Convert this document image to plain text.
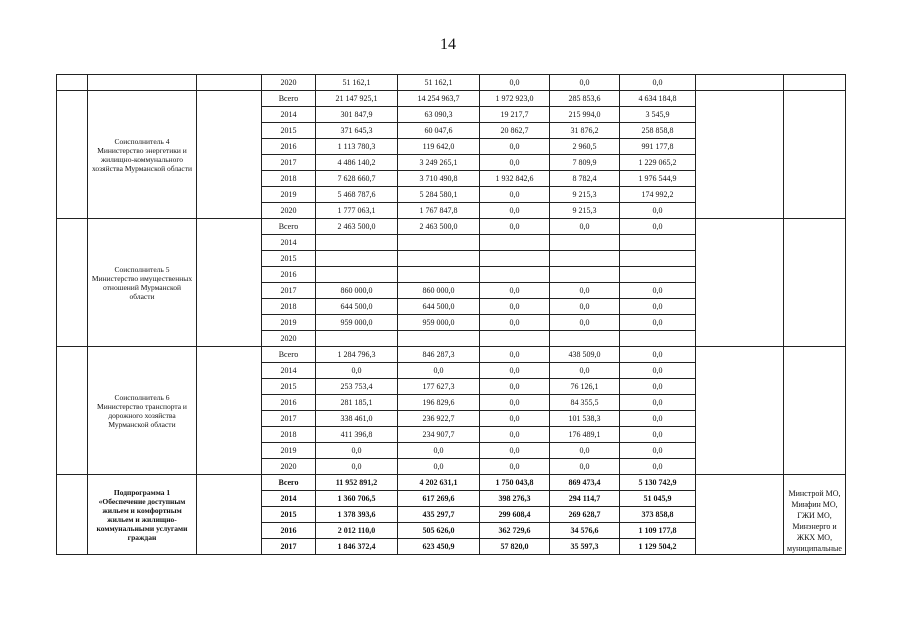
14
			2020	51 162,1	51 162,1	0,0	0,0	0,0		
	Соисполнитель 4 Министерство энергетики и жилищно-коммунального хозяйства Мурманской области		Всего	21 147 925,1	14 254 963,7	1 972 923,0	285 853,6	4 634 184,8		
			2014	301 847,9	63 090,3	19 217,7	215 994,0	3 545,9		
			2015	371 645,3	60 047,6	20 862,7	31 876,2	258 858,8		
			2016	1 113 780,3	119 642,0	0,0	2 960,5	991 177,8		
			2017	4 486 140,2	3 249 265,1	0,0	7 809,9	1 229 065,2		
			2018	7 628 660,7	3 710 490,8	1 932 842,6	8 782,4	1 976 544,9		
			2019	5 468 787,6	5 284 580,1	0,0	9 215,3	174 992,2		
			2020	1 777 063,1	1 767 847,8	0,0	9 215,3	0,0		
	Соисполнитель 5 Министерство имущественных отношений Мурманской области		Всего	2 463 500,0	2 463 500,0	0,0	0,0	0,0		
			2014							
			2015							
			2016							
			2017	860 000,0	860 000,0	0,0	0,0	0,0		
			2018	644 500,0	644 500,0	0,0	0,0	0,0		
			2019	959 000,0	959 000,0	0,0	0,0	0,0		
			2020							
	Соисполнитель 6 Министерство транспорта и дорожного хозяйства Мурманской области		Всего	1 284 796,3	846 287,3	0,0	438 509,0	0,0		
			2014	0,0	0,0	0,0	0,0	0,0		
			2015	253 753,4	177 627,3	0,0	76 126,1	0,0		
			2016	281 185,1	196 829,6	0,0	84 355,5	0,0		
			2017	338 461,0	236 922,7	0,0	101 538,3	0,0		
			2018	411 396,8	234 907,7	0,0	176 489,1	0,0		
			2019	0,0	0,0	0,0	0,0	0,0		
			2020	0,0	0,0	0,0	0,0	0,0		
	Подпрограмма 1 «Обеспечение доступным жильем и комфортным жильем и жилищно-коммунальными услугами граждан		Всего	11 952 891,2	4 202 631,1	1 750 043,8	869 473,4	5 130 742,9		Минстрой МО, Минфин МО, ГЖИ МО, Минэнерго и ЖКХ МО, муниципальные
			2014	1 360 706,5	617 269,6	398 276,3	294 114,7	51 045,9		
			2015	1 378 393,6	435 297,7	299 608,4	269 628,7	373 858,8		
			2016	2 012 110,0	505 626,0	362 729,6	34 576,6	1 109 177,8		
			2017	1 846 372,4	623 450,9	57 820,0	35 597,3	1 129 504,2		
